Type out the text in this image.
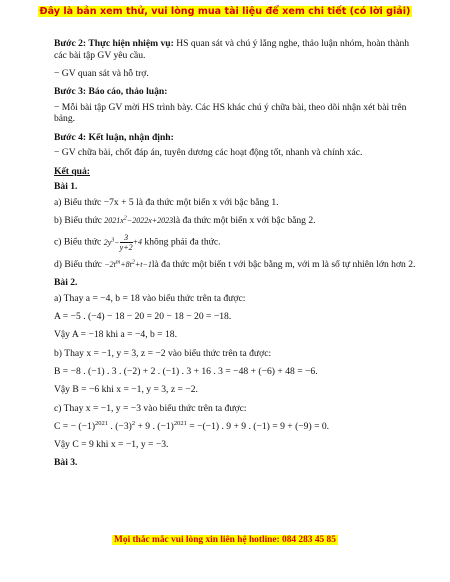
Đây là bản xem thử, vui lòng mua tài liệu để xem chi tiết (có lời giải)

Bước 2: Thực hiện nhiệm vụ: HS quan sát và chú ý lắng nghe, thảo luận nhóm, hoàn thành các bài tập GV yêu cầu.

− GV quan sát và hỗ trợ.

Bước 3: Báo cáo, thảo luận:

− Mỗi bài tập GV mời HS trình bày. Các HS khác chú ý chữa bài, theo dõi nhận xét bài trên bảng.

Bước 4: Kết luận, nhận định:

− GV chữa bài, chốt đáp án, tuyên dương các hoạt động tốt, nhanh và chính xác.

Kết quả:

Bài 1.

a) Biểu thức −7x + 5 là đa thức một biến x với bậc bằng 1.

b) Biểu thức $2021x^2-2022x+2023là$ đa thức một biến x với bậc bằng 2.

c) Biểu thức $2y^3- \frac{3}{y+2} +4$ không phải đa thức.

d) Biểu thức $-2t^m+8t^2+t-1là$ đa thức một biến t với bậc bằng m, với m là số tự nhiên lớn hơn 2.

Bài 2.

a) Thay a = −4, b = 18 vào biểu thức trên ta được:

A = −5 . (−4) − 18 − 20 = 20 − 18 − 20 = −18.

Vậy A = −18 khi a = −4, b = 18.

b) Thay x = −1, y = 3, z = −2 vào biểu thức trên ta được:

B = −8 . (−1) . 3 . (−2) + 2 . (−1) . 3 + 16 . 3 = −48 + (−6) + 48 = −6.

Vậy B = −6 khi x = −1, y = 3, z = −2.

c) Thay x = −1, y = −3 vào biểu thức trên ta được:

C = − $(-1)^{2021}$ . $(-3)^2 + 9$ . $(-1)^{2021} = -(-1)$ . 9 + 9 . (−1) = 9 + (−9) = 0.

Vậy C = 9 khi x = −1, y = −3.

Bài 3.

Mọi thắc mắc vui lòng xin liên hệ hotline: 084 283 45 85
